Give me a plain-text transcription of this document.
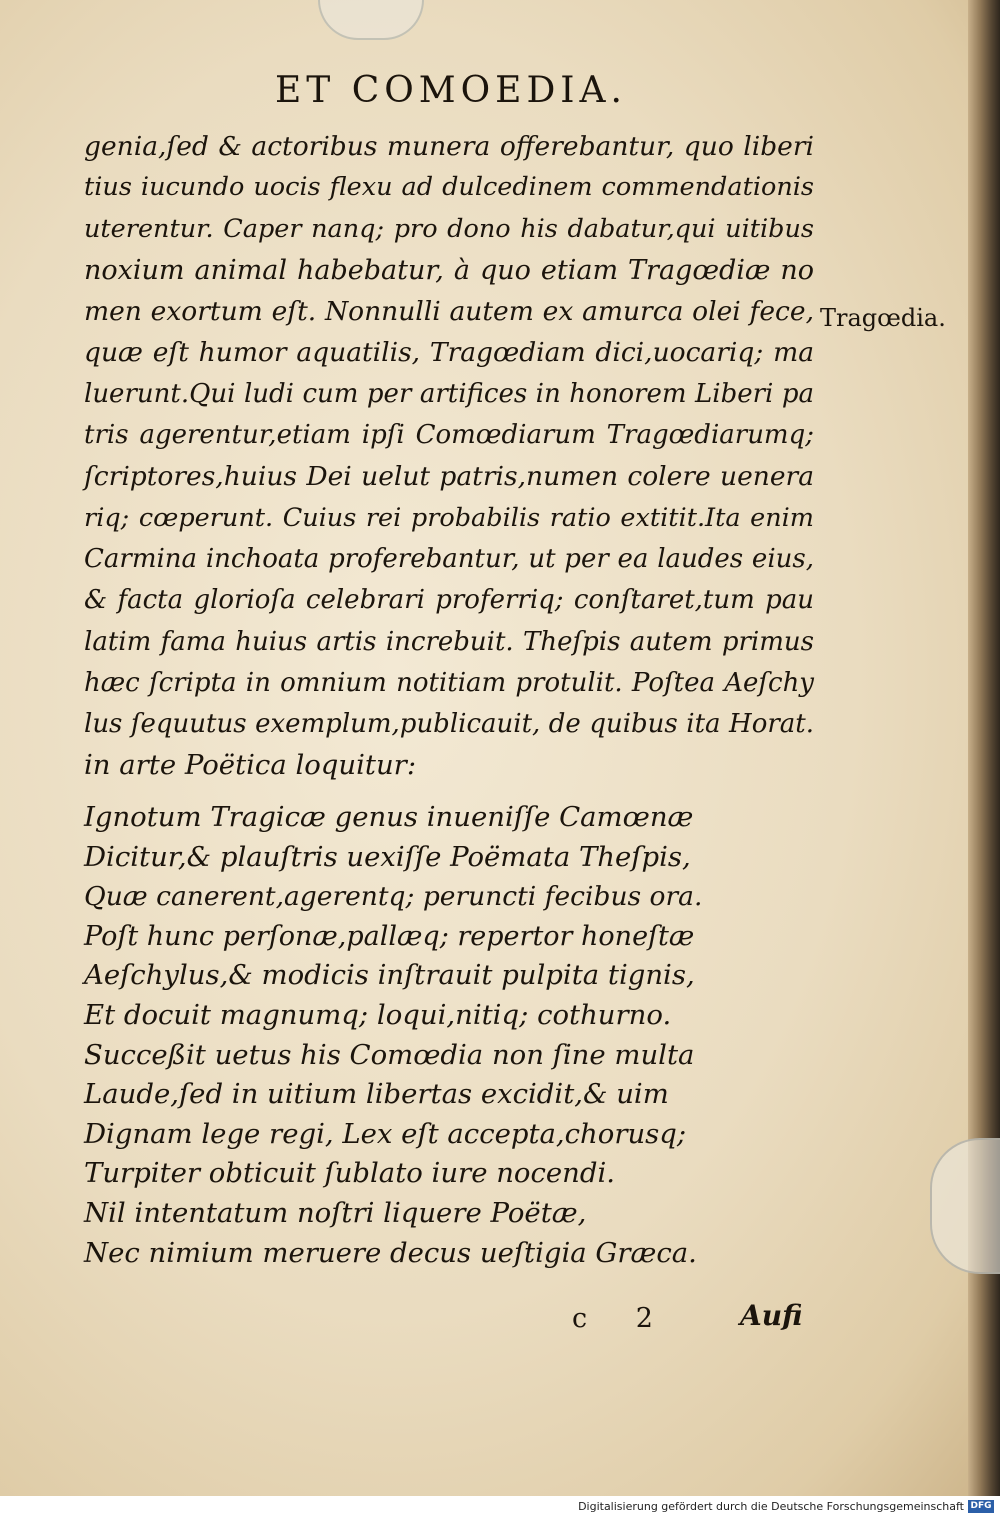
ET COMOEDIA.
genia,ſed & actoribus munera offerebantur, quo liberi
tius iucundo uocis flexu ad dulcedinem commendationis
uterentur. Caper nanq; pro dono his dabatur,qui uitibus
noxium animal habebatur, à quo etiam Tragœdiæ no
men exortum eſt. Nonnulli autem ex amurca olei fece,
quæ eſt humor aquatilis, Tragœdiam dici,uocariq; ma
luerunt.Qui ludi cum per artifices in honorem Liberi pa
tris agerentur,etiam ipſi Comœdiarum Tragœdiarumq;
ſcriptores,huius Dei uelut patris,numen colere uenera
riq; cœperunt. Cuius rei probabilis ratio extitit.Ita enim
Carmina inchoata proferebantur, ut per ea laudes eius,
& facta glorioſa celebrari proferriq; conſtaret,tum pau
latim fama huius artis increbuit. Theſpis autem primus
hæc ſcripta in omnium notitiam protulit. Poſtea Aeſchy
lus ſequutus exemplum,publicauit, de quibus ita Horat.
in arte Poëtica loquitur:
Ignotum Tragicæ genus inueniſſe Camœnæ
Dicitur,& plauſtris uexiſſe Poëmata Theſpis,
Quæ canerent,agerentq; peruncti fecibus ora.
Poſt hunc perſonæ,pallæq; repertor honeſtæ
Aeſchylus,& modicis inſtrauit pulpita tignis,
Et docuit magnumq; loqui,nitiq; cothurno.
Succeßit uetus his Comœdia non ſine multa
Laude,ſed in uitium libertas excidit,& uim
Dignam lege regi, Lex eſt accepta,chorusq;
Turpiter obticuit ſublato iure nocendi.
Nil intentatum noſtri liquere Poëtæ,
Nec nimium meruere decus ueſtigia Græca.
Tragœdia.
c 2 Aufi
Digitalisierung gefördert durch die Deutsche Forschungsgemeinschaft DFG
